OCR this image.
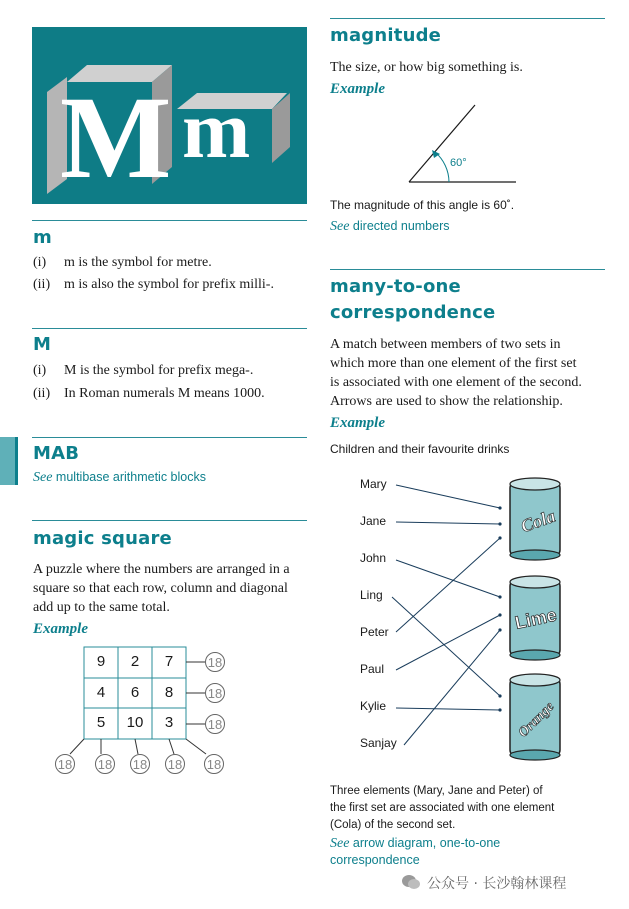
M m
m
(i) m is the symbol for metre.
(ii) m is also the symbol for prefix milli-.
M
(i) M is the symbol for prefix mega-.
(ii) In Roman numerals M means 1000.
MAB
See multibase arithmetic blocks
magic square
A puzzle where the numbers are arranged in a
square so that each row, column and diagonal
add up to the same total.
Example
9	2	7
4	6	8
5	10	3
18
18
18
18 18 18 18 18
magnitude
The size, or how big something is.
Example
60°
The magnitude of this angle is 60˚.
See directed numbers
many-to-one
correspondence
A match between members of two sets in
which more than one element of the first set
is associated with one element of the second.
Arrows are used to show the relationship.
Example
Children and their favourite drinks
Mary
Jane
John
Ling
Peter
Paul
Kylie
Sanjay
Cola
Lime
Orange
Three elements (Mary, Jane and Peter) of
the first set are associated with one element
(Cola) of the second set.
See arrow diagram, one-to-one
correspondence
公众号 · 长沙翰林课程
